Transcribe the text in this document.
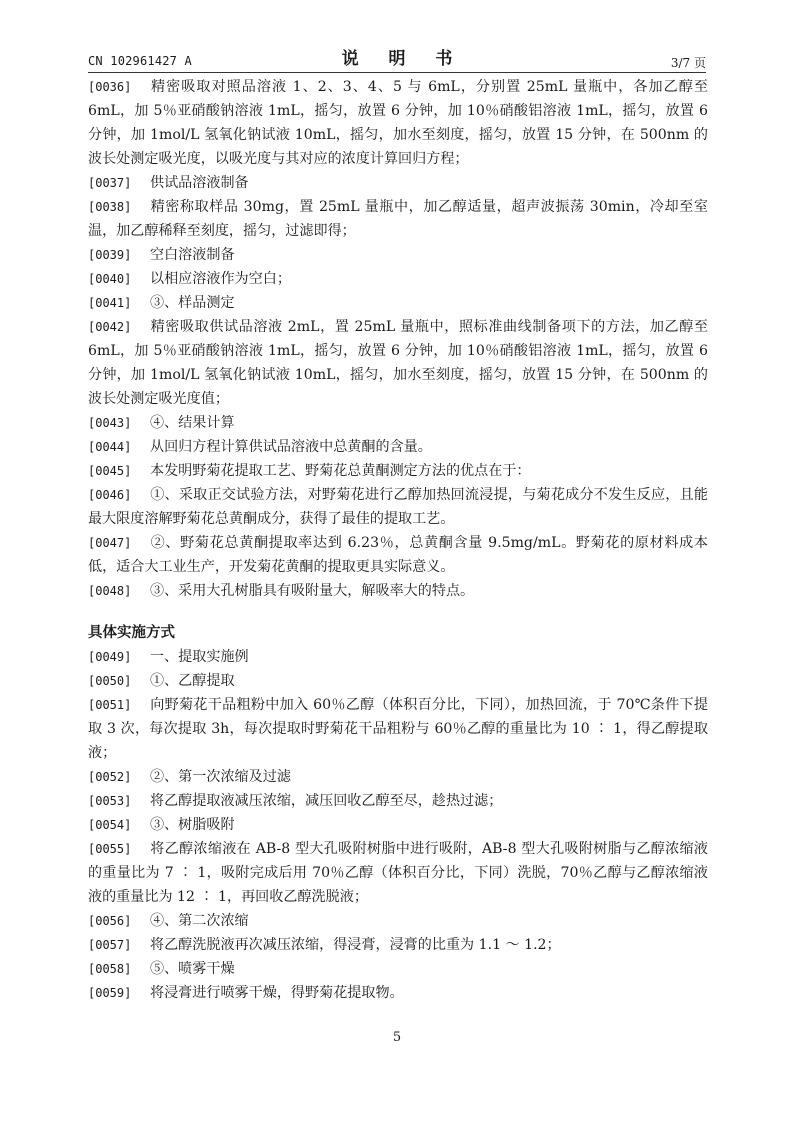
CN 102961427 A	说 明 书	3/7 页

[0036] 精密吸取对照品溶液 1、2、3、4、5 与 6mL，分别置 25mL 量瓶中，各加乙醇至 6mL，加 5％亚硝酸钠溶液 1mL，摇匀，放置 6 分钟，加 10％硝酸铝溶液 1mL，摇匀，放置 6 分钟，加 1mol/L 氢氧化钠试液 10mL，摇匀，加水至刻度，摇匀，放置 15 分钟，在 500nm 的波长处测定吸光度，以吸光度与其对应的浓度计算回归方程；

[0037] 供试品溶液制备

[0038] 精密称取样品 30mg，置 25mL 量瓶中，加乙醇适量，超声波振荡 30min，冷却至室温，加乙醇稀释至刻度，摇匀，过滤即得；

[0039] 空白溶液制备

[0040] 以相应溶液作为空白；

[0041] ③、样品测定

[0042] 精密吸取供试品溶液 2mL，置 25mL 量瓶中，照标准曲线制备项下的方法，加乙醇至 6mL，加 5％亚硝酸钠溶液 1mL，摇匀，放置 6 分钟，加 10％硝酸铝溶液 1mL，摇匀，放置 6 分钟，加 1mol/L 氢氧化钠试液 10mL，摇匀，加水至刻度，摇匀，放置 15 分钟，在 500nm 的波长处测定吸光度值；

[0043] ④、结果计算

[0044] 从回归方程计算供试品溶液中总黄酮的含量。

[0045] 本发明野菊花提取工艺、野菊花总黄酮测定方法的优点在于：

[0046] ①、采取正交试验方法，对野菊花进行乙醇加热回流浸提，与菊花成分不发生反应，且能最大限度溶解野菊花总黄酮成分，获得了最佳的提取工艺。

[0047] ②、野菊花总黄酮提取率达到 6.23％，总黄酮含量 9.5mg/mL。野菊花的原材料成本低，适合大工业生产，开发菊花黄酮的提取更具实际意义。

[0048] ③、采用大孔树脂具有吸附量大，解吸率大的特点。

具体实施方式

[0049] 一、提取实施例

[0050] ①、乙醇提取

[0051] 向野菊花干品粗粉中加入 60％乙醇（体积百分比，下同），加热回流，于 70℃条件下提取 3 次，每次提取 3h，每次提取时野菊花干品粗粉与 60％乙醇的重量比为 10 ∶ 1，得乙醇提取液；

[0052] ②、第一次浓缩及过滤

[0053] 将乙醇提取液减压浓缩，减压回收乙醇至尽，趁热过滤；

[0054] ③、树脂吸附

[0055] 将乙醇浓缩液在 AB-8 型大孔吸附树脂中进行吸附，AB-8 型大孔吸附树脂与乙醇浓缩液的重量比为 7 ∶ 1，吸附完成后用 70％乙醇（体积百分比，下同）洗脱，70％乙醇与乙醇浓缩液液的重量比为 12 ∶ 1，再回收乙醇洗脱液；

[0056] ④、第二次浓缩

[0057] 将乙醇洗脱液再次减压浓缩，得浸膏，浸膏的比重为 1.1 ～ 1.2；

[0058] ⑤、喷雾干燥

[0059] 将浸膏进行喷雾干燥，得野菊花提取物。

5
